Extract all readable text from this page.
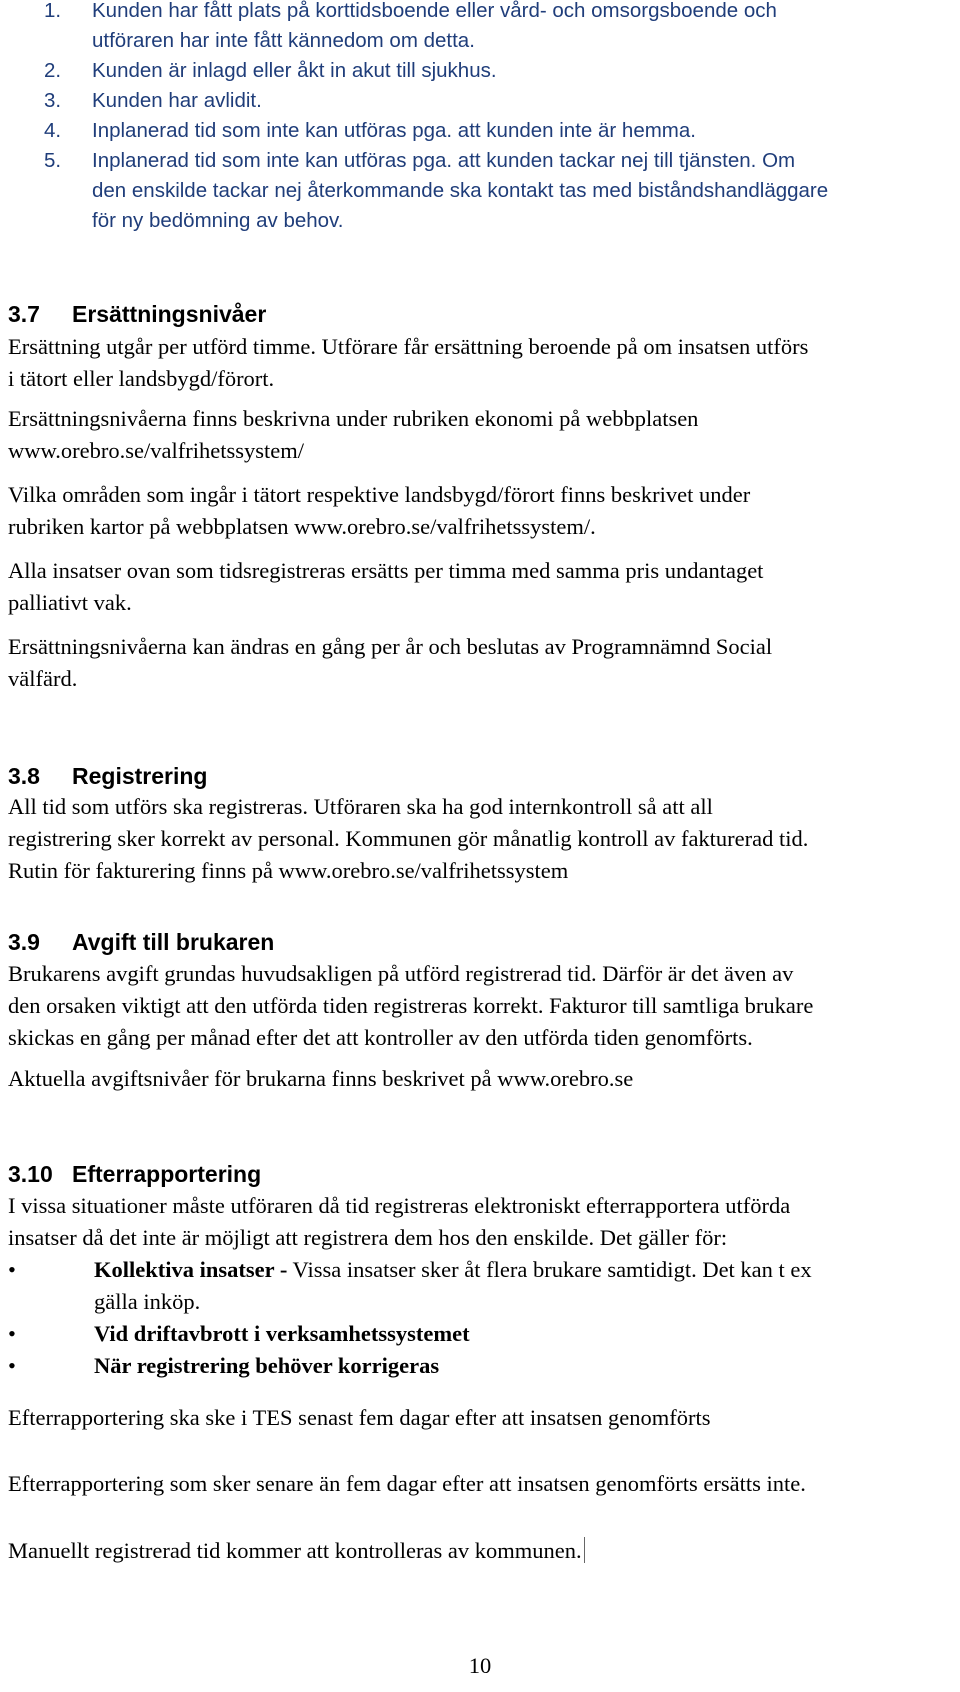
1. Kunden har fått plats på korttidsboende eller vård- och omsorgsboende och
utföraren har inte fått kännedom om detta.
2. Kunden är inlagd eller åkt in akut till sjukhus.
3. Kunden har avlidit.
4. Inplanerad tid som inte kan utföras pga. att kunden inte är hemma.
5. Inplanerad tid som inte kan utföras pga. att kunden tackar nej till tjänsten. Om
den enskilde tackar nej återkommande ska kontakt tas med biståndshandläggare
för ny bedömning av behov.
3.7 Ersättningsnivåer

Ersättning utgår per utförd timme. Utförare får ersättning beroende på om insatsen utförs
i tätort eller landsbygd/förort.

Ersättningsnivåerna finns beskrivna under rubriken ekonomi på webbplatsen
www.orebro.se/valfrihetssystem/

Vilka områden som ingår i tätort respektive landsbygd/förort finns beskrivet under
rubriken kartor på webbplatsen www.orebro.se/valfrihetssystem/.

Alla insatser ovan som tidsregistreras ersätts per timma med samma pris undantaget
palliativt vak.

Ersättningsnivåerna kan ändras en gång per år och beslutas av Programnämnd Social
välfärd.

3.8 Registrering

All tid som utförs ska registreras. Utföraren ska ha god internkontroll så att all
registrering sker korrekt av personal. Kommunen gör månatlig kontroll av fakturerad tid.
Rutin för fakturering finns på www.orebro.se/valfrihetssystem

3.9 Avgift till brukaren

Brukarens avgift grundas huvudsakligen på utförd registrerad tid. Därför är det även av
den orsaken viktigt att den utförda tiden registreras korrekt. Fakturor till samtliga brukare
skickas en gång per månad efter det att kontroller av den utförda tiden genomförts.

Aktuella avgiftsnivåer för brukarna finns beskrivet på www.orebro.se

3.10 Efterrapportering

I vissa situationer måste utföraren då tid registreras elektroniskt efterrapportera utförda
insatser då det inte är möjligt att registrera dem hos den enskilde. Det gäller för:

•	Kollektiva insatser - Vissa insatser sker åt flera brukare samtidigt. Det kan t ex
gälla inköp.
•	Vid driftavbrott i verksamhetssystemet
•	När registrering behöver korrigeras

Efterrapportering ska ske i TES senast fem dagar efter att insatsen genomförts

Efterrapportering som sker senare än fem dagar efter att insatsen genomförts ersätts inte.

Manuellt registrerad tid kommer att kontrolleras av kommunen.

10
